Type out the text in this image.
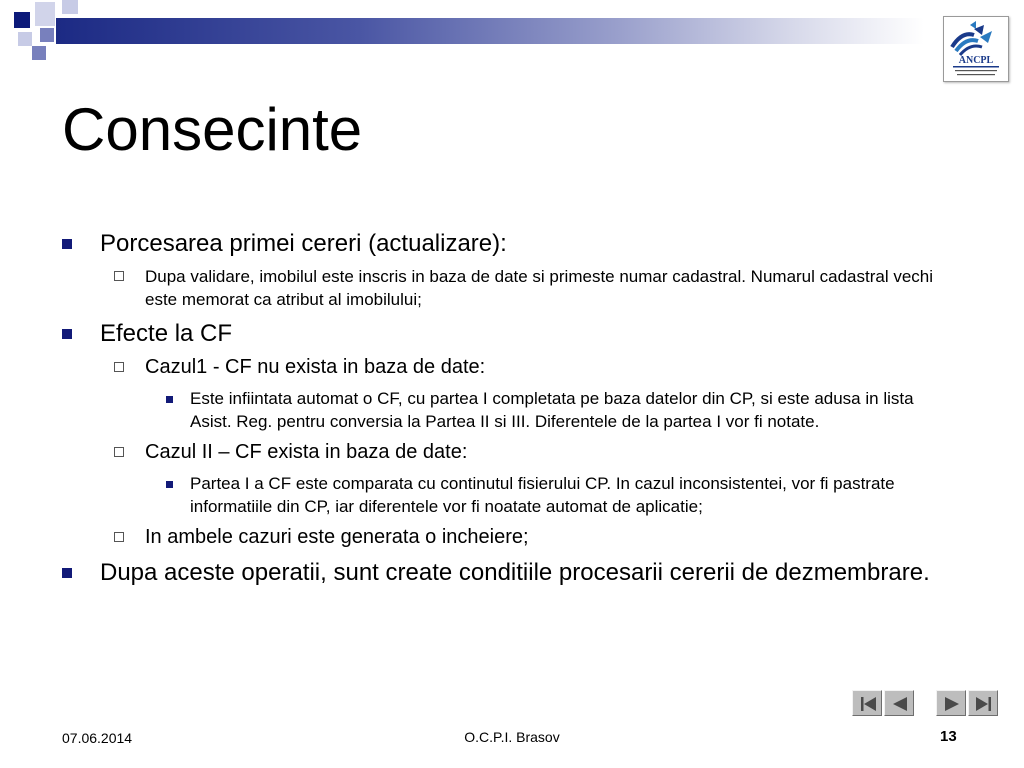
ANCPL
Consecinte
Porcesarea primei cereri (actualizare):
Dupa validare, imobilul este inscris in baza de date si primeste numar cadastral. Numarul cadastral vechi este memorat ca atribut al imobilului;
Efecte la CF
Cazul1 - CF nu exista in baza de date:
Este infiintata automat o CF, cu partea I completata pe baza datelor din CP, si este adusa in lista Asist. Reg. pentru conversia la Partea II si III. Diferentele de la partea I vor fi notate.
Cazul II – CF exista in baza de date:
Partea I a CF este comparata cu continutul fisierului CP. In cazul inconsistentei, vor fi pastrate informatiile din CP, iar diferentele vor fi noatate automat de aplicatie;
In ambele cazuri este generata o incheiere;
Dupa aceste operatii, sunt create conditiile procesarii cererii de dezmembrare.
07.06.2014	O.C.P.I. Brasov	13
